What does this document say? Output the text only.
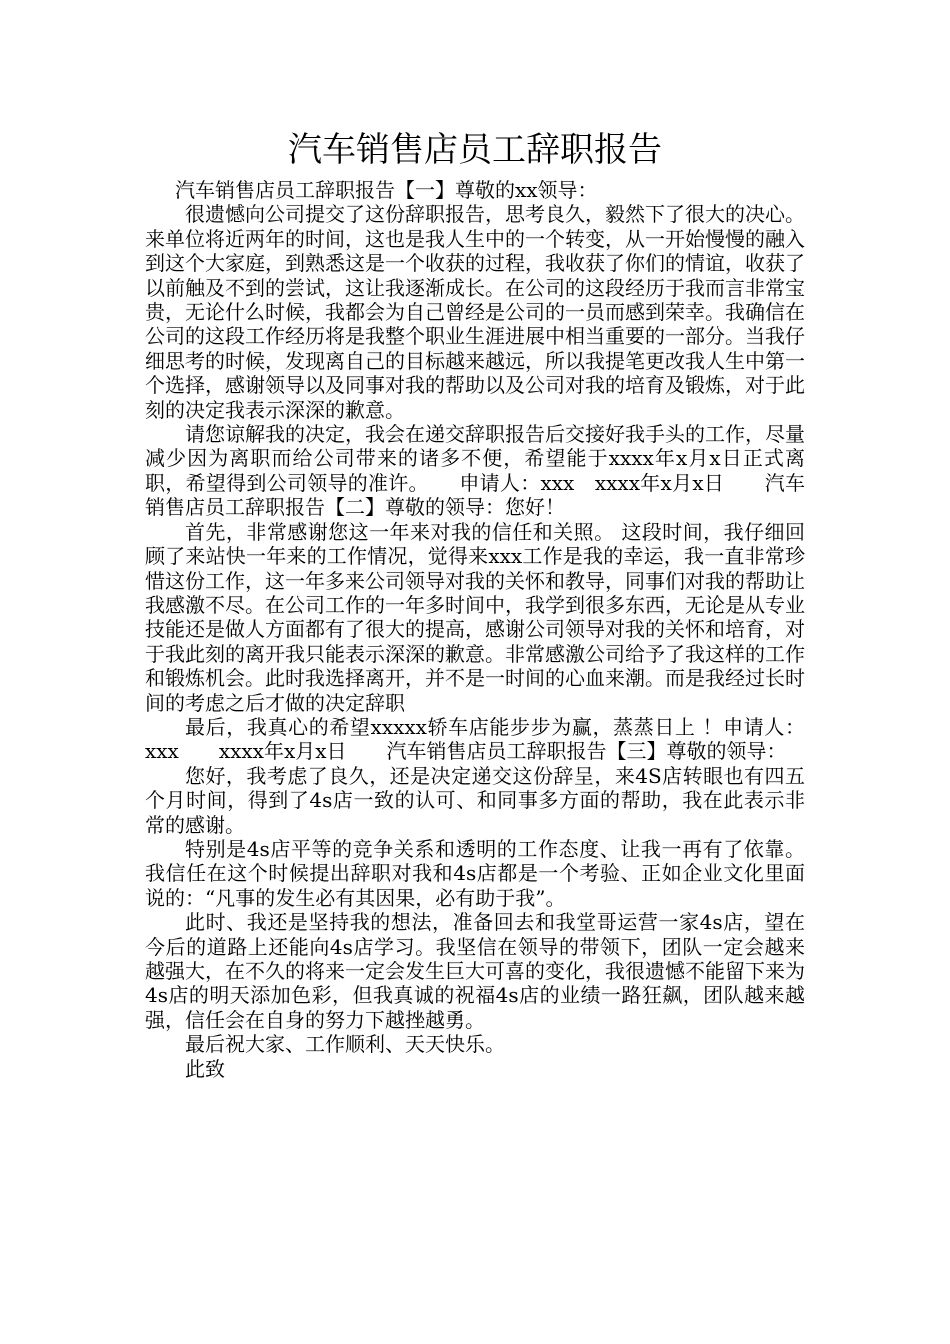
汽车销售店员工辞职报告

汽车销售店员工辞职报告【一】尊敬的xx领导：

很遗憾向公司提交了这份辞职报告，思考良久，毅然下了很大的决心。来单位将近两年的时间，这也是我人生中的一个转变，从一开始慢慢的融入到这个大家庭，到熟悉这是一个收获的过程，我收获了你们的情谊，收获了以前触及不到的尝试，这让我逐渐成长。在公司的这段经历于我而言非常宝贵，无论什么时候，我都会为自己曾经是公司的一员而感到荣幸。我确信在公司的这段工作经历将是我整个职业生涯进展中相当重要的一部分。当我仔细思考的时候，发现离自己的目标越来越远，所以我提笔更改我人生中第一个选择，感谢领导以及同事对我的帮助以及公司对我的培育及锻炼，对于此刻的决定我表示深深的歉意。

请您谅解我的决定，我会在递交辞职报告后交接好我手头的工作，尽量减少因为离职而给公司带来的诸多不便，希望能于xxxx年x月x日正式离职，希望得到公司领导的准许。　　申请人：xxx　xxxx年x月x日　　汽车销售店员工辞职报告【二】尊敬的领导：您好！

首先，非常感谢您这一年来对我的信任和关照。 这段时间，我仔细回顾了来站快一年来的工作情况，觉得来xxx工作是我的幸运，我一直非常珍惜这份工作，这一年多来公司领导对我的关怀和教导，同事们对我的帮助让我感激不尽。在公司工作的一年多时间中，我学到很多东西，无论是从专业技能还是做人方面都有了很大的提高，感谢公司领导对我的关怀和培育，对于我此刻的离开我只能表示深深的歉意。非常感激公司给予了我这样的工作和锻炼机会。此时我选择离开，并不是一时间的心血来潮。而是我经过长时间的考虑之后才做的决定辞职

最后，我真心的希望xxxxx轿车店能步步为赢，蒸蒸日上 ！申请人：xxx　　xxxx年x月x日　　汽车销售店员工辞职报告【三】尊敬的领导：

您好，我考虑了良久，还是决定递交这份辞呈，来4S店转眼也有四五个月时间，得到了4s店一致的认可、和同事多方面的帮助，我在此表示非常的感谢。

特别是4s店平等的竞争关系和透明的工作态度、让我一再有了依靠。我信任在这个时候提出辞职对我和4s店都是一个考验、正如企业文化里面说的：“凡事的发生必有其因果，必有助于我”。

此时、我还是坚持我的想法，准备回去和我堂哥运营一家4s店，望在今后的道路上还能向4s店学习。我坚信在领导的带领下，团队一定会越来越强大，在不久的将来一定会发生巨大可喜的变化，我很遗憾不能留下来为4s店的明天添加色彩，但我真诚的祝福4s店的业绩一路狂飙，团队越来越强，信任会在自身的努力下越挫越勇。

最后祝大家、工作顺利、天天快乐。

此致
